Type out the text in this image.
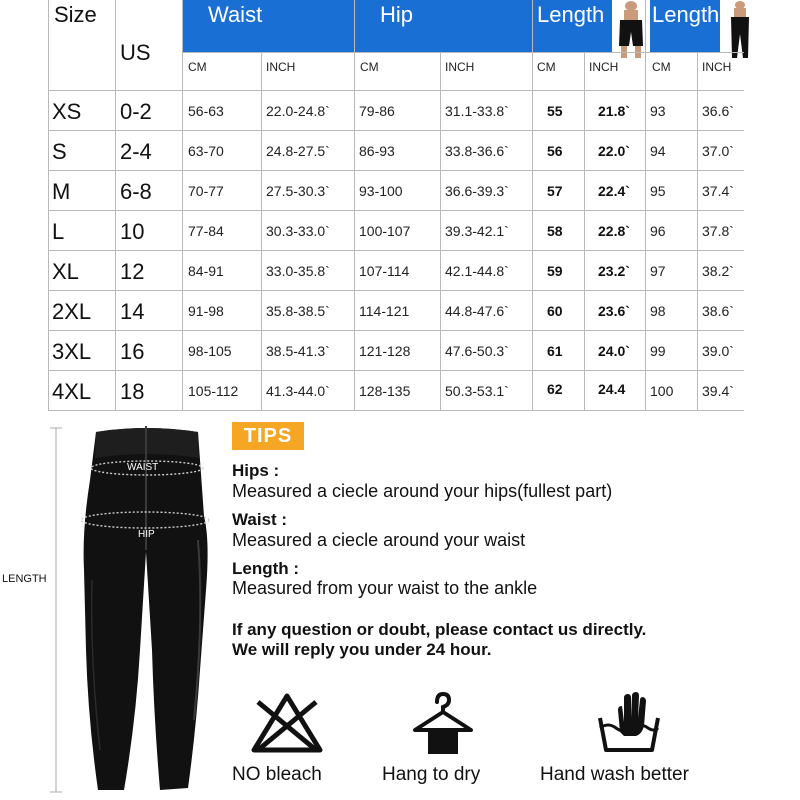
Size
US
Waist	Hip	Length Length
CM	INCH	CM	INCH	CM	INCH	CM	INCH
XS 0-2	56-63	22.0-24.8` 79-86	31.1-33.8`	55	21.8` 93	36.6`
S 2-4	63-70	24.8-27.5` 86-93	33.8-36.6`	56	22.0` 94	37.0`
M 6-8	70-77	27.5-30.3` 93-100	36.6-39.3`	57	22.4` 95	37.4`
L	10	77-84	30.3-33.0` 100-107 39.3-42.1`	58	22.8` 96	37.8`
XL 12	84-91	33.0-35.8` 107-114	42.1-44.8`	59	23.2` 97	38.2`
2XL 14	91-98	35.8-38.5` 114-121	44.8-47.6`	60	23.6` 98	38.6`
3XL 16	98-105 38.5-41.3` 121-128 47.6-50.3`	61	24.0` 99	39.0`
4XL 18	105-112 41.3-44.0` 128-135 50.3-53.1`	62	24.4 100 39.4`
WAIST
HIP
LENGTH
TIPS
Hips :
Measured a ciecle around your hips(fullest part)
Waist :
Measured a ciecle around your waist
Length :
Measured from your waist to the ankle
If any question or doubt, please contact us directly.
We will reply you under 24 hour.
NO bleach	Hang to dry	Hand wash better
